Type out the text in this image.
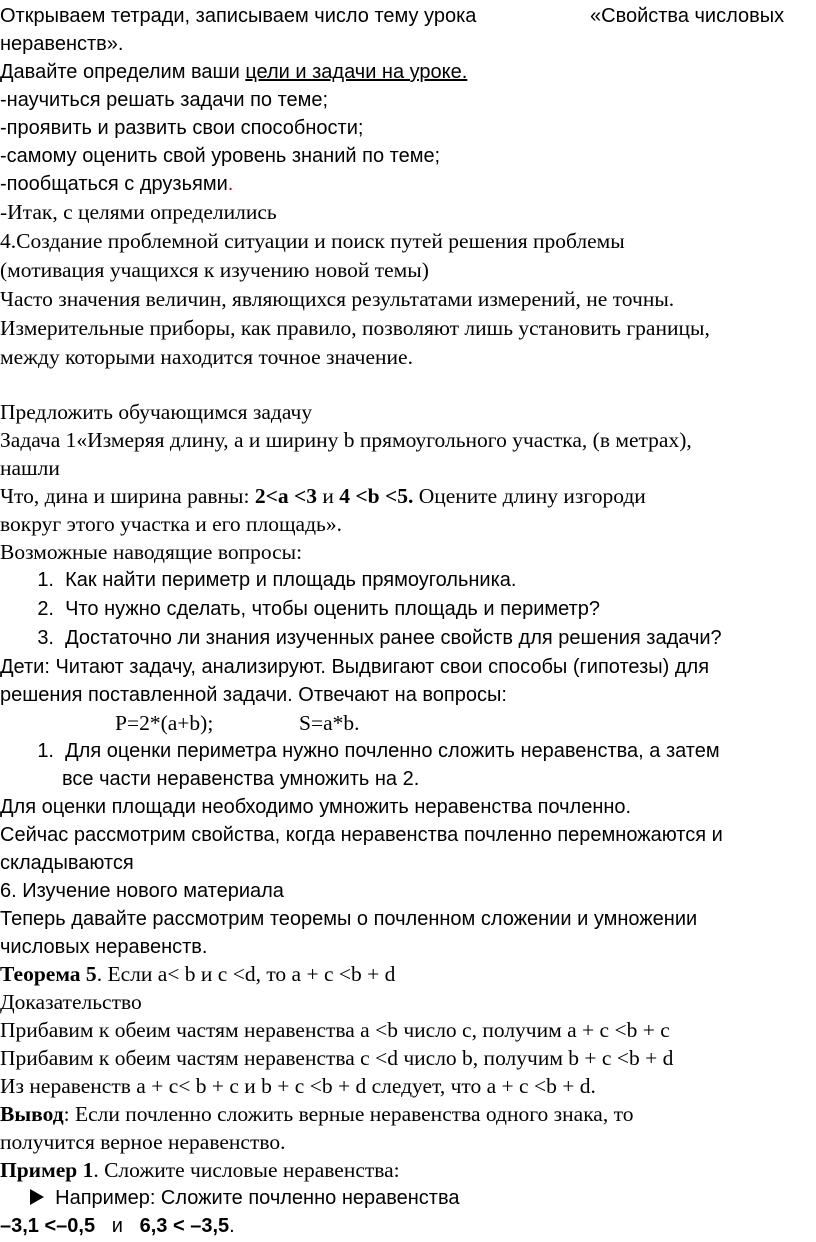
Открываем тетради, записываем число тему урока	«Свойства числовых
неравенств».
Давайте определим ваши цели и задачи на уроке.
-научиться решать задачи по теме;
-проявить и развить свои способности;
-самому оценить свой уровень знаний по теме;
-пообщаться с друзьями.
-Итак, с целями определились
4.Создание проблемной ситуации и поиск путей решения проблемы
(мотивация учащихся к изучению новой темы)
Часто значения величин, являющихся результатами измерений, не точны.
Измерительные приборы, как правило, позволяют лишь установить границы,
между которыми находится точное значение.
Предложить обучающимся задачу
Задача 1«Измеряя длину, а и ширину b прямоугольного участка, (в метрах),
нашли
Что, дина и ширина равны: 2<a <3 и 4 <b <5. Оцените длину изгороди
вокруг этого участка и его площадь».
Возможные наводящие вопросы:
1. Как найти периметр и площадь прямоугольника.
2. Что нужно сделать, чтобы оценить площадь и периметр?
3. Достаточно ли знания изученных ранее свойств для решения задачи?
Дети: Читают задачу, анализируют. Выдвигают свои способы (гипотезы) для
решения поставленной задачи. Отвечают на вопросы:
P=2*(a+b);	S=a*b.
1. Для оценки периметра нужно почленно сложить неравенства, а затем
все части неравенства умножить на 2.
Для оценки площади необходимо умножить неравенства почленно.
Сейчас рассмотрим свойства, когда неравенства почленно перемножаются и
складываются
6. Изучение нового материала
Теперь давайте рассмотрим теоремы о почленном сложении и умножении
числовых неравенств.
Теорема 5. Если a< b и c <d, то a + c <b + d
Доказательство
Прибавим к обеим частям неравенства a <b число c, получим a + c <b + c
Прибавим к обеим частям неравенства c <d число b, получим b + c <b + d
Из неравенств a + c< b + c и b + c <b + d следует, что a + c <b + d.
Вывод: Если почленно сложить верные неравенства одного знака, то
получится верное неравенство.
Пример 1. Сложите числовые неравенства:
Например: Сложите почленно неравенства
–3,1 <–0,5 и 6,3 < –3,5.
